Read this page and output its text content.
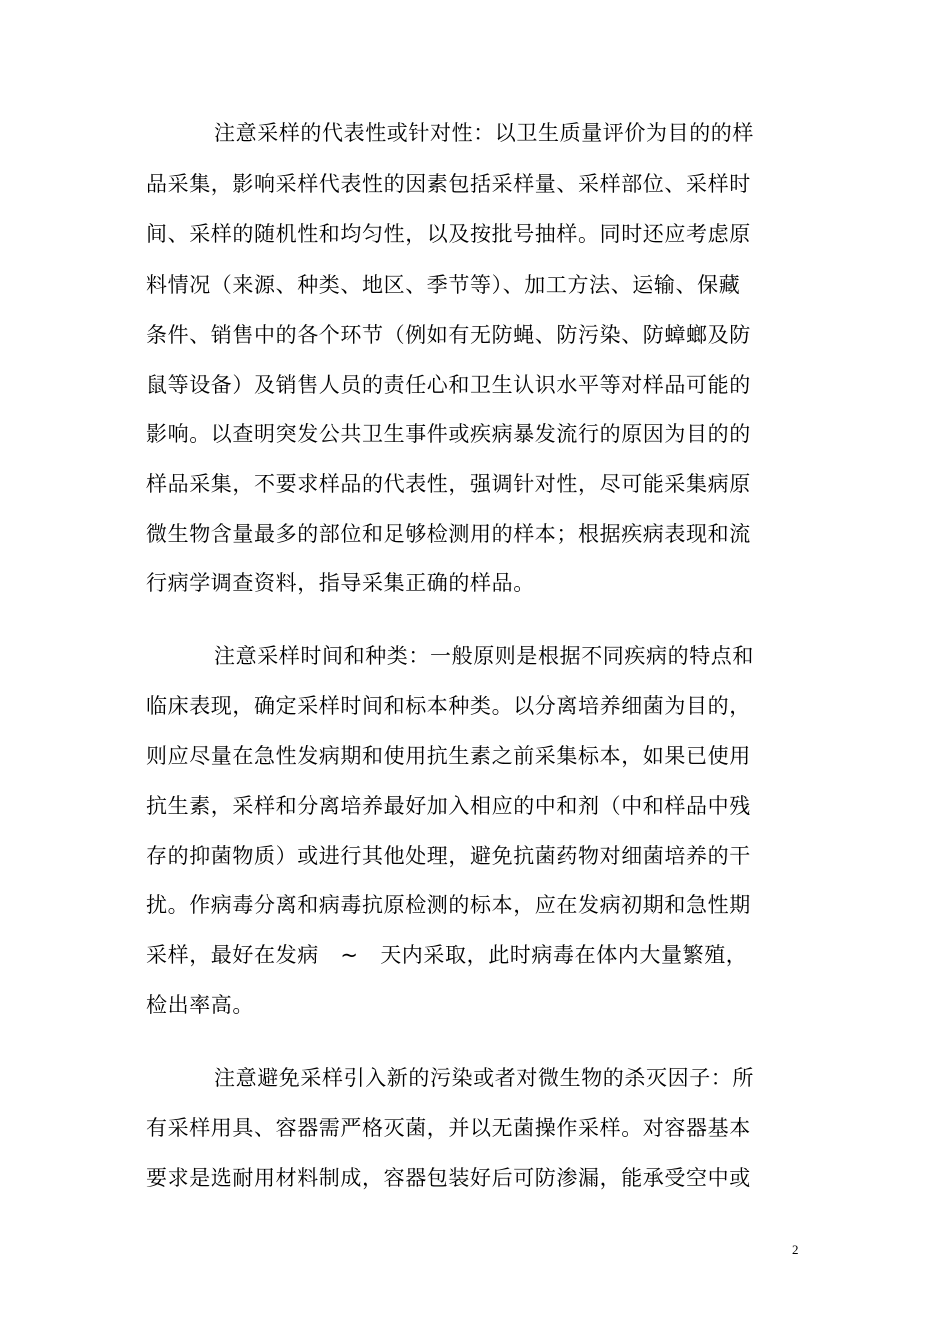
注意采样的代表性或针对性：以卫生质量评价为目的的样
品采集，影响采样代表性的因素包括采样量、采样部位、采样时
间、采样的随机性和均匀性，以及按批号抽样。同时还应考虑原
料情况（来源、种类、地区、季节等）、加工方法、运输、保藏
条件、销售中的各个环节（例如有无防蝇、防污染、防蟑螂及防
鼠等设备）及销售人员的责任心和卫生认识水平等对样品可能的
影响。以查明突发公共卫生事件或疾病暴发流行的原因为目的的
样品采集，不要求样品的代表性，强调针对性，尽可能采集病原
微生物含量最多的部位和足够检测用的样本；根据疾病表现和流
行病学调查资料，指导采集正确的样品。
注意采样时间和种类：一般原则是根据不同疾病的特点和
临床表现，确定采样时间和标本种类。以分离培养细菌为目的，
则应尽量在急性发病期和使用抗生素之前采集标本，如果已使用
抗生素，采样和分离培养最好加入相应的中和剂（中和样品中残
存的抑菌物质）或进行其他处理，避免抗菌药物对细菌培养的干
扰。作病毒分离和病毒抗原检测的标本，应在发病初期和急性期
采样，最好在发病　~　天内采取，此时病毒在体内大量繁殖，
检出率高。
注意避免采样引入新的污染或者对微生物的杀灭因子：所
有采样用具、容器需严格灭菌，并以无菌操作采样。对容器基本
要求是选耐用材料制成，容器包装好后可防渗漏，能承受空中或
2
